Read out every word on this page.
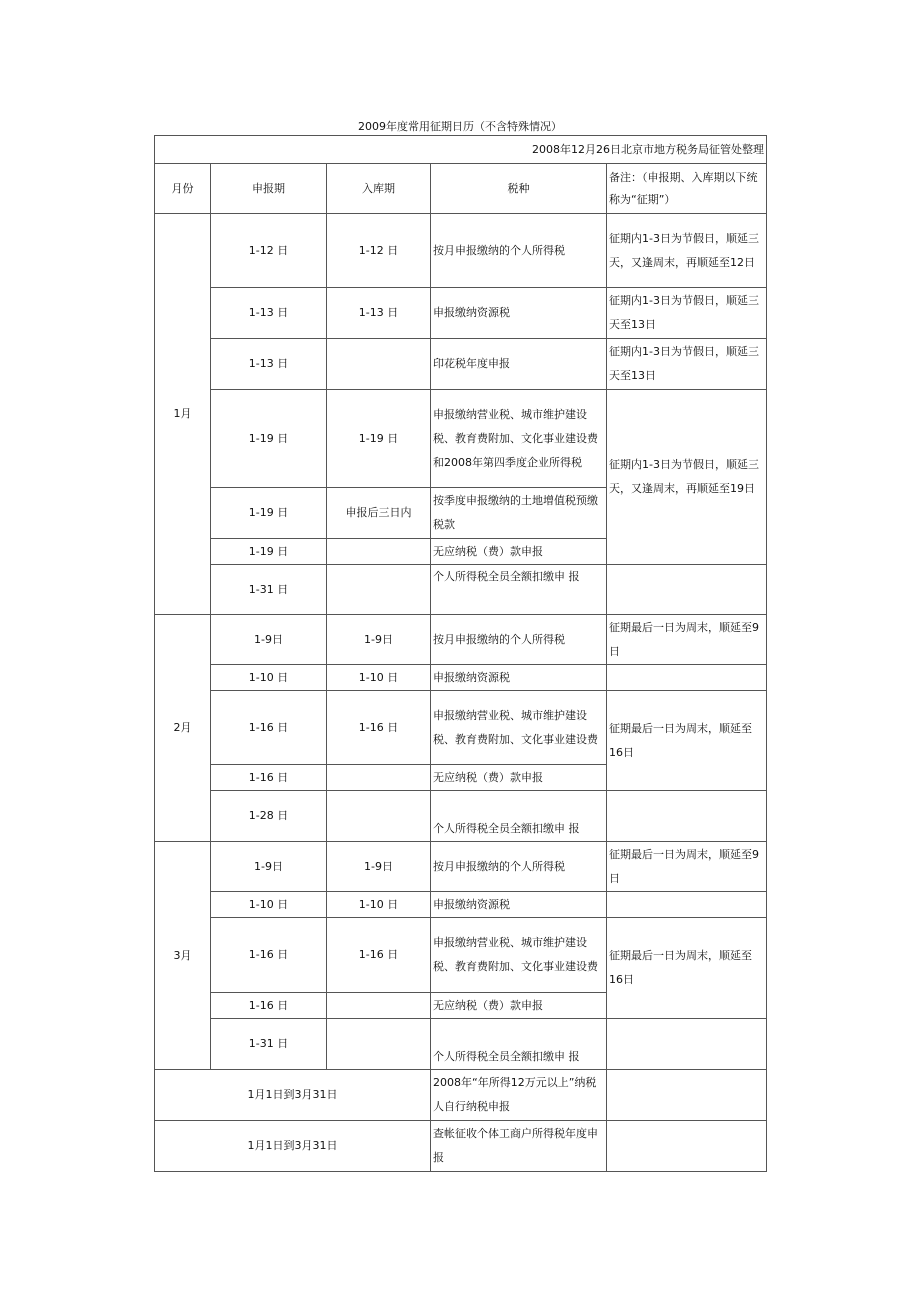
2009年度常用征期日历（不含特殊情况）
2008年12月26日北京市地方税务局征管处整理				
月份	申报期	入库期	税种	备注：（申报期、入库期以下统称为“征期”）
1月	1-12 日	1-12 日	按月申报缴纳的个人所得税	征期内1-3日为节假日，顺延三天，又逢周末，再顺延至12日
	1-13 日	1-13 日	申报缴纳资源税	征期内1-3日为节假日，顺延三天至13日
	1-13 日		印花税年度申报	征期内1-3日为节假日，顺延三天至13日
	1-19 日	1-19 日	申报缴纳营业税、城市维护建设税、教育费附加、文化事业建设费和2008年第四季度企业所得税	征期内1-3日为节假日，顺延三天，又逢周末，再顺延至19日
	1-19 日	申报后三日内	按季度申报缴纳的土地增值税预缴税款	
	1-19 日		无应纳税（费）款申报	
	1-31 日		个人所得税全员全额扣缴申 报	
2月	1-9日	1-9日	按月申报缴纳的个人所得税	征期最后一日为周末，顺延至9日
	1-10 日	1-10 日	申报缴纳资源税	
	1-16 日	1-16 日	申报缴纳营业税、城市维护建设税、教育费附加、文化事业建设费	征期最后一日为周末，顺延至16日
	1-16 日		无应纳税（费）款申报	
	1-28 日		个人所得税全员全额扣缴申 报	
3月	1-9日	1-9日	按月申报缴纳的个人所得税	征期最后一日为周末，顺延至9日
	1-10 日	1-10 日	申报缴纳资源税	
	1-16 日	1-16 日	申报缴纳营业税、城市维护建设税、教育费附加、文化事业建设费	征期最后一日为周末，顺延至16日
	1-16 日		无应纳税（费）款申报	
	1-31 日		个人所得税全员全额扣缴申 报	
1月1日到3月31日			2008年“年所得12万元以上”纳税人自行纳税申报	
1月1日到3月31日			查帐征收个体工商户所得税年度申报	
